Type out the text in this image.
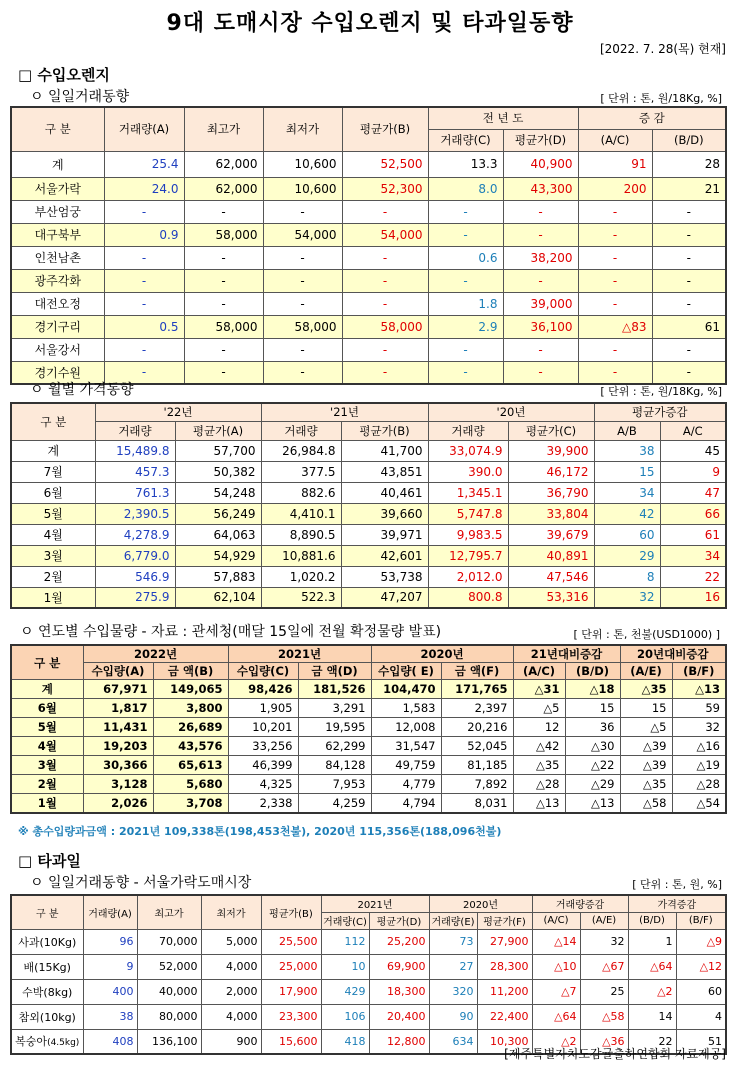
9대 도매시장 수입오렌지 및 타과일동향
[2022. 7. 28(목) 현재]
□ 수입오렌지
ㅇ 일일거래동향	[ 단위 : 톤, 원/18Kg, %]
구 분	거래량(A)	최고가	최저가	평균가(B)	전 년 도		증 감	
					거래량(C)	평균가(D)	(A/C)	(B/D)
계	25.4	62,000	10,600	52,500	13.3	40,900	91	28
서울가락	24.0	62,000	10,600	52,300	8.0	43,300	200	21
부산엄궁	-	-	-	-	-	-	-	-
대구북부	0.9	58,000	54,000	54,000	-	-	-	-
인천남촌	-	-	-	-	0.6	38,200	-	-
광주각화	-	-	-	-	-	-	-	-
대전오정	-	-	-	-	1.8	39,000	-	-
경기구리	0.5	58,000	58,000	58,000	2.9	36,100	△83	61
서울강서	-	-	-	-	-	-	-	-
경기수원	-	-	-	-	-	-	-	-
ㅇ 월별 가격동향	[ 단위 : 톤, 원/18Kg, %]
구 분	'22년		'21년		'20년		평균가증감	
	거래량	평균가(A)	거래량	평균가(B)	거래량	평균가(C)	A/B	A/C
계	15,489.8	57,700	26,984.8	41,700	33,074.9	39,900	38	45
7월	457.3	50,382	377.5	43,851	390.0	46,172	15	9
6월	761.3	54,248	882.6	40,461	1,345.1	36,790	34	47
5월	2,390.5	56,249	4,410.1	39,660	5,747.8	33,804	42	66
4월	4,278.9	64,063	8,890.5	39,971	9,983.5	39,679	60	61
3월	6,779.0	54,929	10,881.6	42,601	12,795.7	40,891	29	34
2월	546.9	57,883	1,020.2	53,738	2,012.0	47,546	8	22
1월	275.9	62,104	522.3	47,207	800.8	53,316	32	16
ㅇ 연도별 수입물량 - 자료 : 관세청(매달 15일에 전월 확정물량 발표)	[ 단위 : 톤, 천불(USD1000) ]
구 분	2022년		2021년		2020년		21년대비증감		20년대비증감	
	수입량(A)	금 액(B)	수입량(C)	금 액(D)	수입량( E)	금 액(F)	(A/C)	(B/D)	(A/E)	(B/F)
계	67,971	149,065	98,426	181,526	104,470	171,765	△31	△18	△35	△13
6월	1,817	3,800	1,905	3,291	1,583	2,397	△5	15	15	59
5월	11,431	26,689	10,201	19,595	12,008	20,216	12	36	△5	32
4월	19,203	43,576	33,256	62,299	31,547	52,045	△42	△30	△39	△16
3월	30,366	65,613	46,399	84,128	49,759	81,185	△35	△22	△39	△19
2월	3,128	5,680	4,325	7,953	4,779	7,892	△28	△29	△35	△28
1월	2,026	3,708	2,338	4,259	4,794	8,031	△13	△13	△58	△54
※ 총수입량과금액 : 2021년 109,338톤(198,453천불), 2020년 115,356톤(188,096천불)
□ 타과일
ㅇ 일일거래동향 - 서울가락도매시장	[ 단위 : 톤, 원, %]
구 분	거래량(A)	최고가	최저가	평균가(B)	2021년		2020년		거래량증감		가격증감	
					거래량(C)	평균가(D)	거래량(E)	평균가(F)	(A/C)	(A/E)	(B/D)	(B/F)
사과(10Kg)	96	70,000	5,000	25,500	112	25,200	73	27,900	△14	32	1	△9
배(15Kg)	9	52,000	4,000	25,000	10	69,900	27	28,300	△10	△67	△64	△12
수박(8kg)	400	40,000	2,000	17,900	429	18,300	320	11,200	△7	25	△2	60
참외(10kg)	38	80,000	4,000	23,300	106	20,400	90	22,400	△64	△58	14	4
복숭아(4.5kg)	408	136,100	900	15,600	418	12,800	634	10,300	△2	△36	22	51
[제주특별자치도감귤출하연합회 자료제공]
